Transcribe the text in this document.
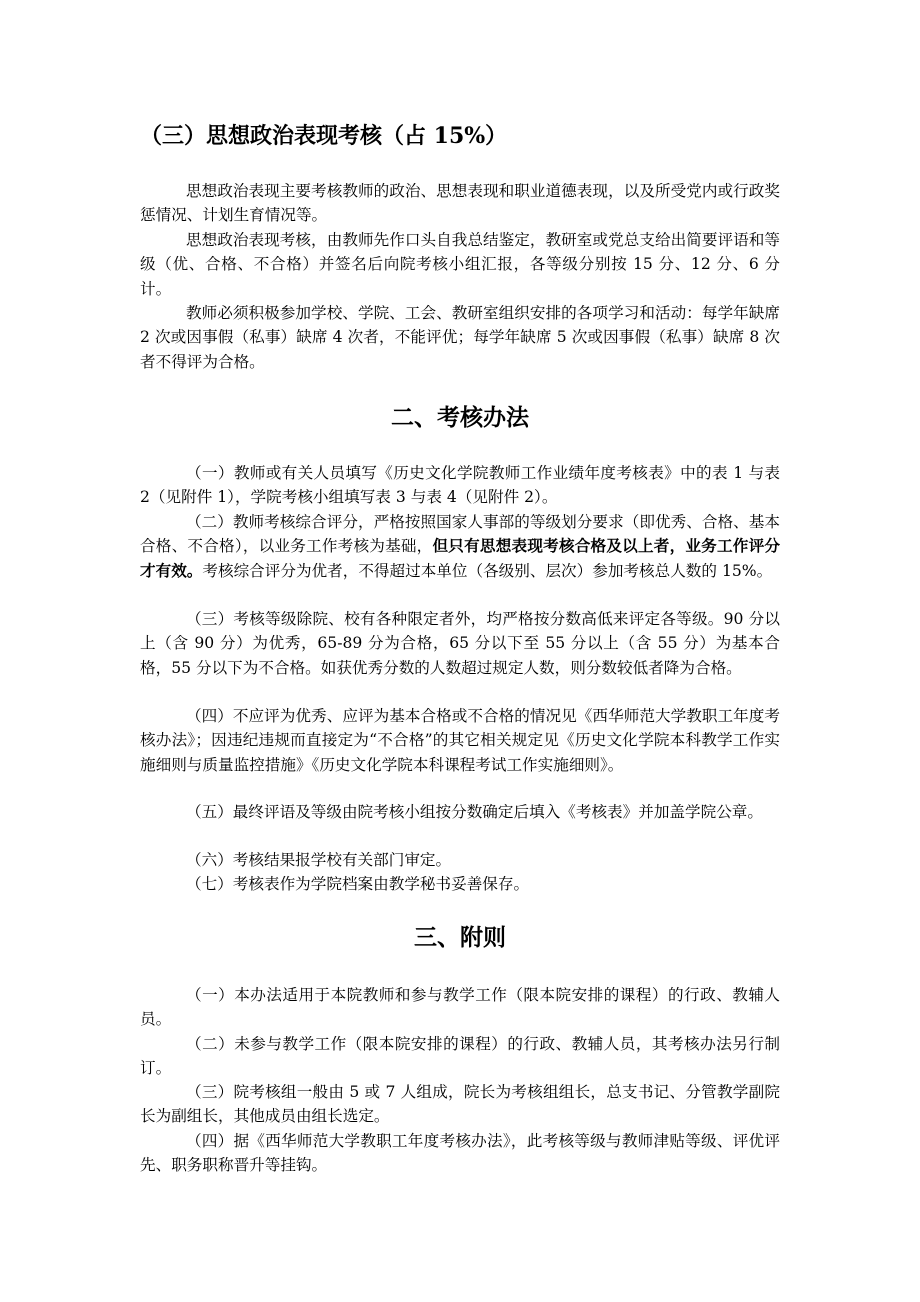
（三）思想政治表现考核（占 15%）

思想政治表现主要考核教师的政治、思想表现和职业道德表现，以及所受党内或行政奖惩情况、计划生育情况等。

思想政治表现考核，由教师先作口头自我总结鉴定，教研室或党总支给出简要评语和等级（优、合格、不合格）并签名后向院考核小组汇报，各等级分别按 15 分、12 分、6 分计。

教师必须积极参加学校、学院、工会、教研室组织安排的各项学习和活动：每学年缺席 2 次或因事假（私事）缺席 4 次者，不能评优；每学年缺席 5 次或因事假（私事）缺席 8 次者不得评为合格。

二、考核办法

（一）教师或有关人员填写《历史文化学院教师工作业绩年度考核表》中的表 1 与表 2（见附件 1），学院考核小组填写表 3 与表 4（见附件 2）。

（二）教师考核综合评分，严格按照国家人事部的等级划分要求（即优秀、合格、基本合格、不合格），以业务工作考核为基础，但只有思想表现考核合格及以上者，业务工作评分才有效。考核综合评分为优者，不得超过本单位（各级别、层次）参加考核总人数的 15%。

（三）考核等级除院、校有各种限定者外，均严格按分数高低来评定各等级。90 分以上（含 90 分）为优秀，65-89 分为合格，65 分以下至 55 分以上（含 55 分）为基本合格，55 分以下为不合格。如获优秀分数的人数超过规定人数，则分数较低者降为合格。

（四）不应评为优秀、应评为基本合格或不合格的情况见《西华师范大学教职工年度考核办法》；因违纪违规而直接定为“不合格”的其它相关规定见《历史文化学院本科教学工作实施细则与质量监控措施》《历史文化学院本科课程考试工作实施细则》。

（五）最终评语及等级由院考核小组按分数确定后填入《考核表》并加盖学院公章。

（六）考核结果报学校有关部门审定。

（七）考核表作为学院档案由教学秘书妥善保存。

三、附则

（一）本办法适用于本院教师和参与教学工作（限本院安排的课程）的行政、教辅人员。

（二）未参与教学工作（限本院安排的课程）的行政、教辅人员，其考核办法另行制订。

（三）院考核组一般由 5 或 7 人组成，院长为考核组组长，总支书记、分管教学副院长为副组长，其他成员由组长选定。

（四）据《西华师范大学教职工年度考核办法》，此考核等级与教师津贴等级、评优评先、职务职称晋升等挂钩。
